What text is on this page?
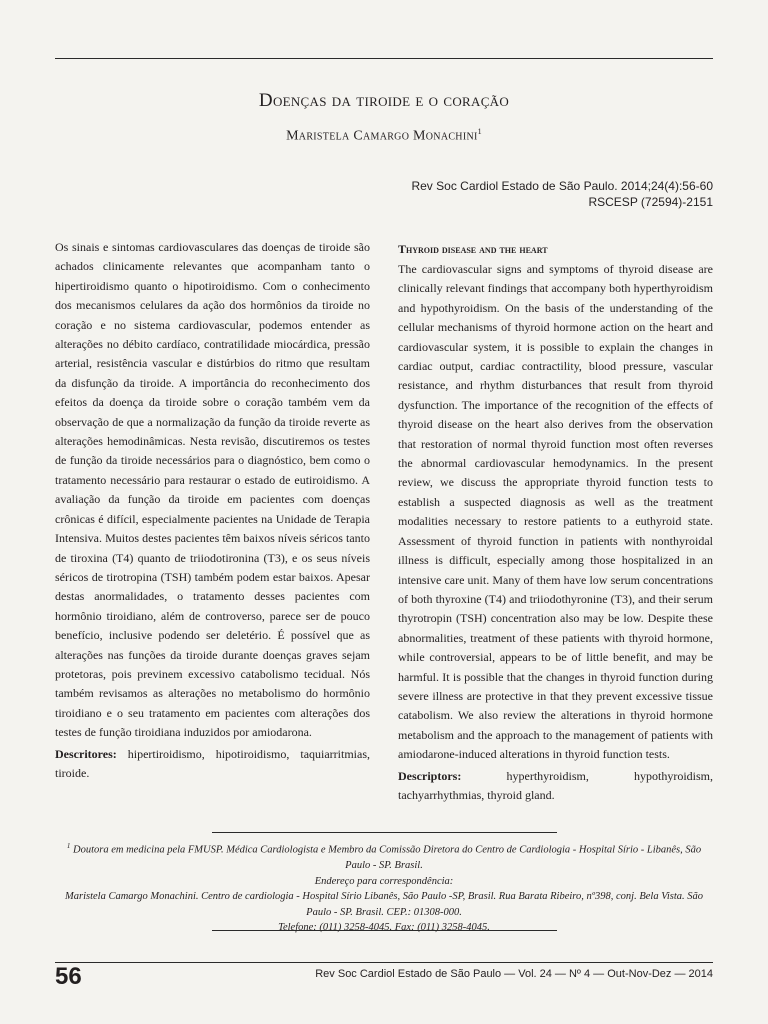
Doenças da tiroide e o coração
Maristela Camargo Monachini$^1$
Rev Soc Cardiol Estado de São Paulo. 2014;24(4):56-60
RSCESP (72594)-2151

Os sinais e sintomas cardiovasculares das doenças de tiroide são achados clinicamente relevantes que acompanham tanto o hipertiroidismo quanto o hipotiroidismo. Com o conhecimento dos mecanismos celulares da ação dos hormônios da tiroide no coração e no sistema cardiovascular, podemos entender as alterações no débito cardíaco, contratilidade miocárdica, pressão arterial, resistência vascular e distúrbios do ritmo que resultam da disfunção da tiroide. A importância do reconhecimento dos efeitos da doença da tiroide sobre o coração também vem da observação de que a normalização da função da tiroide reverte as alterações hemodinâmicas. Nesta revisão, discutiremos os testes de função da tiroide necessários para o diagnóstico, bem como o tratamento necessário para restaurar o estado de eutiroidismo. A avaliação da função da tiroide em pacientes com doenças crônicas é difícil, especialmente pacientes na Unidade de Terapia Intensiva. Muitos destes pacientes têm baixos níveis séricos tanto de tiroxina (T4) quanto de triiodotironina (T3), e os seus níveis séricos de tirotropina (TSH) também podem estar baixos. Apesar destas anormalidades, o tratamento desses pacientes com hormônio tiroidiano, além de controverso, parece ser de pouco benefício, inclusive podendo ser deletério. É possível que as alterações nas funções da tiroide durante doenças graves sejam protetoras, pois previnem excessivo catabolismo tecidual. Nós também revisamos as alterações no metabolismo do hormônio tiroidiano e o seu tratamento em pacientes com alterações dos testes de função tiroidiana induzidos por amiodarona.

Descritores: hipertiroidismo, hipotiroidismo, taquiarritmias, tiroide.

Thyroid disease and the heart

The cardiovascular signs and symptoms of thyroid disease are clinically relevant findings that accompany both hyperthyroidism and hypothyroidism. On the basis of the understanding of the cellular mechanisms of thyroid hormone action on the heart and cardiovascular system, it is possible to explain the changes in cardiac output, cardiac contractility, blood pressure, vascular resistance, and rhythm disturbances that result from thyroid dysfunction. The importance of the recognition of the effects of thyroid disease on the heart also derives from the observation that restoration of normal thyroid function most often reverses the abnormal cardiovascular hemodynamics. In the present review, we discuss the appropriate thyroid function tests to establish a suspected diagnosis as well as the treatment modalities necessary to restore patients to a euthyroid state. Assessment of thyroid function in patients with nonthyroidal illness is difficult, especially among those hospitalized in an intensive care unit. Many of them have low serum concentrations of both thyroxine (T4) and triiodothyronine (T3), and their serum thyrotropin (TSH) concentration also may be low. Despite these abnormalities, treatment of these patients with thyroid hormone, while controversial, appears to be of little benefit, and may be harmful. It is possible that the changes in thyroid function during severe illness are protective in that they prevent excessive tissue catabolism. We also review the alterations in thyroid hormone metabolism and the approach to the management of patients with amiodarone-induced alterations in thyroid function tests.

Descriptors:	hyperthyroidism, hypothyroidism, tachyarrhythmias, thyroid gland.

$^1$ Doutora em medicina pela FMUSP. Médica Cardiologista e Membro da Comissão Diretora do Centro de Cardiologia - Hospital Sírio - Libanês, São Paulo - SP. Brasil.
Endereço para correspondência:
Maristela Camargo Monachini. Centro de cardiologia - Hospital Sírio Libanês, São Paulo -SP, Brasil. Rua Barata Ribeiro, nº398, conj. Bela Vista. São Paulo - SP. Brasil. CEP.: 01308-000.
Telefone: (011) 3258-4045. Fax: (011) 3258-4045.
56	Rev Soc Cardiol Estado de São Paulo — Vol. 24 — Nº 4 — Out-Nov-Dez — 2014
